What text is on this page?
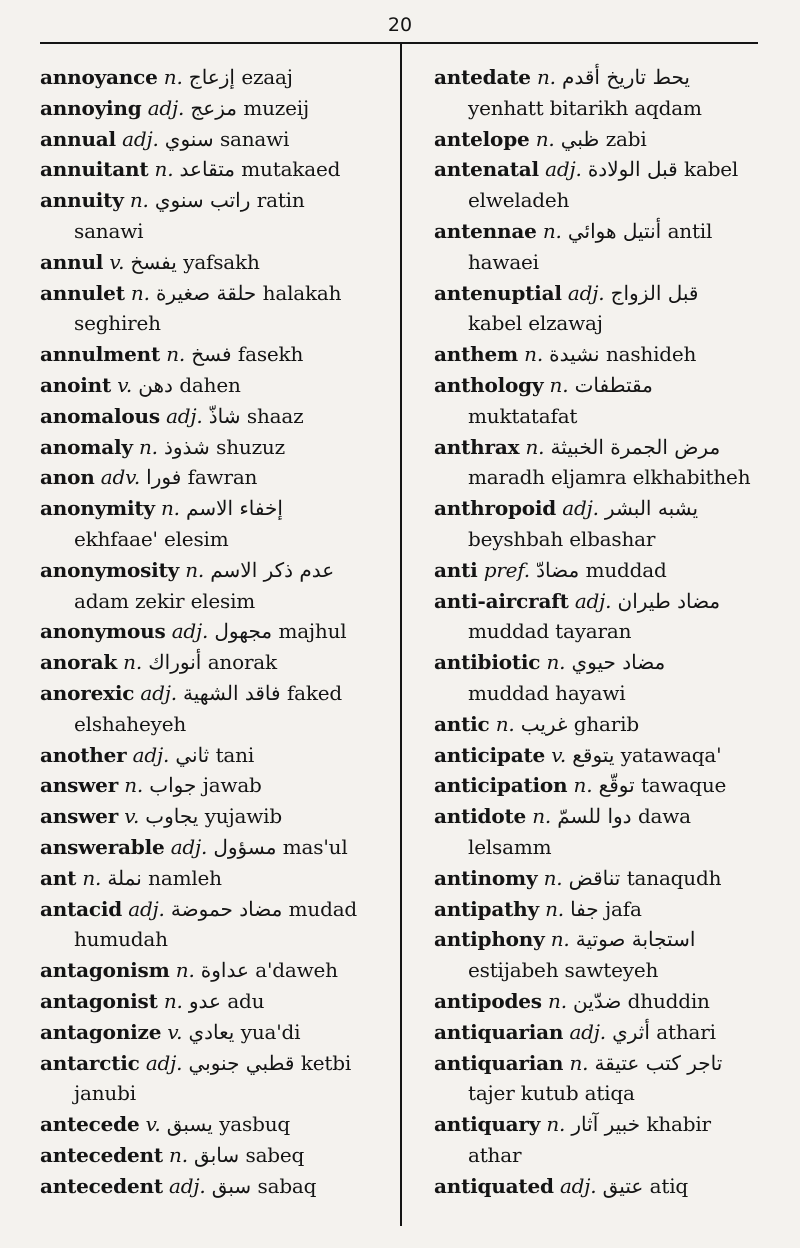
20
annoyance n. إزعاج ezaaj
annoying adj. مزعج muzeij
annual adj. سنوي sanawi
annuitant n. متقاعد mutakaed
annuity n. راتب سنوي ratin
sanawi
annul v. يفسخ yafsakh
annulet n. حلقة صغيرة halakah
seghireh
annulment n. فسخ fasekh
anoint v. دهن dahen
anomalous adj. شاذّ shaaz
anomaly n. شذوذ shuzuz
anon adv. فورا fawran
anonymity n. إخفاء الاسم
ekhfaae' elesim
anonymosity n. عدم ذكر الاسم
adam zekir elesim
anonymous adj. مجهول majhul
anorak n. أنوراك anorak
anorexic adj. فاقد الشهية faked
elshaheyeh
another adj. ثاني tani
answer n. جواب jawab
answer v. يجاوب yujawib
answerable adj. مسؤول mas'ul
ant n. نملة namleh
antacid adj. مضاد حموضة mudad
humudah
antagonism n. عداوة a'daweh
antagonist n. عدو adu
antagonize v. يعادي yua'di
antarctic adj. قطبي جنوبي ketbi
janubi
antecede v. يسبق yasbuq
antecedent n. سابق sabeq
antecedent adj. سبق sabaq
antedate n. يحط تاريخ أقدم
yenhatt bitarikh aqdam
antelope n. ظبي zabi
antenatal adj. قبل الولادة kabel
elweladeh
antennae n. أنتيل هوائي antil
hawaei
antenuptial adj. قبل الزواج
kabel elzawaj
anthem n. نشيدة nashideh
anthology n. مقتطفات
muktatafat
anthrax n. مرض الجمرة الخبيثة
maradh eljamra elkhabitheh
anthropoid adj. يشبه البشر
beyshbah elbashar
anti pref. مضادّ muddad
anti-aircraft adj. مضاد طيران
muddad tayaran
antibiotic n. مضاد حيوي
muddad hayawi
antic n. غريب gharib
anticipate v. يتوقع yatawaqa'
anticipation n. توقّع tawaque
antidote n. دوا للسمّ dawa
lelsamm
antinomy n. تناقض tanaqudh
antipathy n. جفا jafa
antiphony n. استجابة صوتية
estijabeh sawteyeh
antipodes n. ضدّين dhuddin
antiquarian adj. أثري athari
antiquarian n. تاجر كتب عتيقة
tajer kutub atiqa
antiquary n. خبير آثار khabir
athar
antiquated adj. عتيق atiq
